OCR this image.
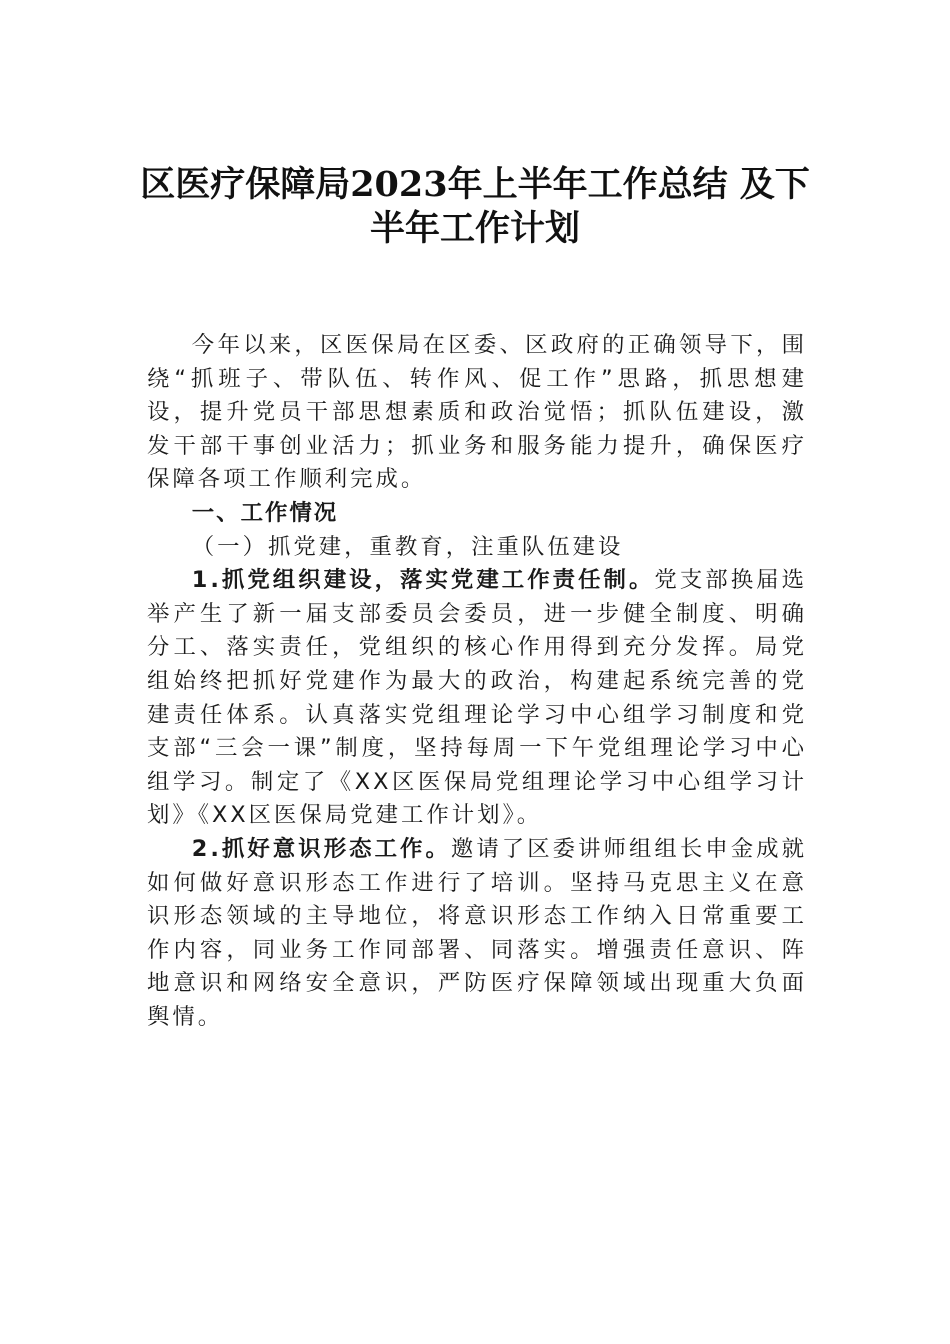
区医疗保障局2023年上半年工作总结 及下
半年工作计划

今年以来，区医保局在区委、区政府的正确领导下，围绕“抓班子、带队伍、转作风、促工作”思路，抓思想建设，提升党员干部思想素质和政治觉悟；抓队伍建设，激发干部干事创业活力；抓业务和服务能力提升，确保医疗保障各项工作顺利完成。

一、工作情况

（一）抓党建，重教育，注重队伍建设

1.抓党组织建设，落实党建工作责任制。党支部换届选举产生了新一届支部委员会委员，进一步健全制度、明确分工、落实责任，党组织的核心作用得到充分发挥。局党组始终把抓好党建作为最大的政治，构建起系统完善的党建责任体系。认真落实党组理论学习中心组学习制度和党支部“三会一课”制度，坚持每周一下午党组理论学习中心组学习。制定了《XX区医保局党组理论学习中心组学习计划》《XX区医保局党建工作计划》。

2.抓好意识形态工作。邀请了区委讲师组组长申金成就如何做好意识形态工作进行了培训。坚持马克思主义在意识形态领域的主导地位，将意识形态工作纳入日常重要工作内容，同业务工作同部署、同落实。增强责任意识、阵地意识和网络安全意识，严防医疗保障领域出现重大负面舆情。
